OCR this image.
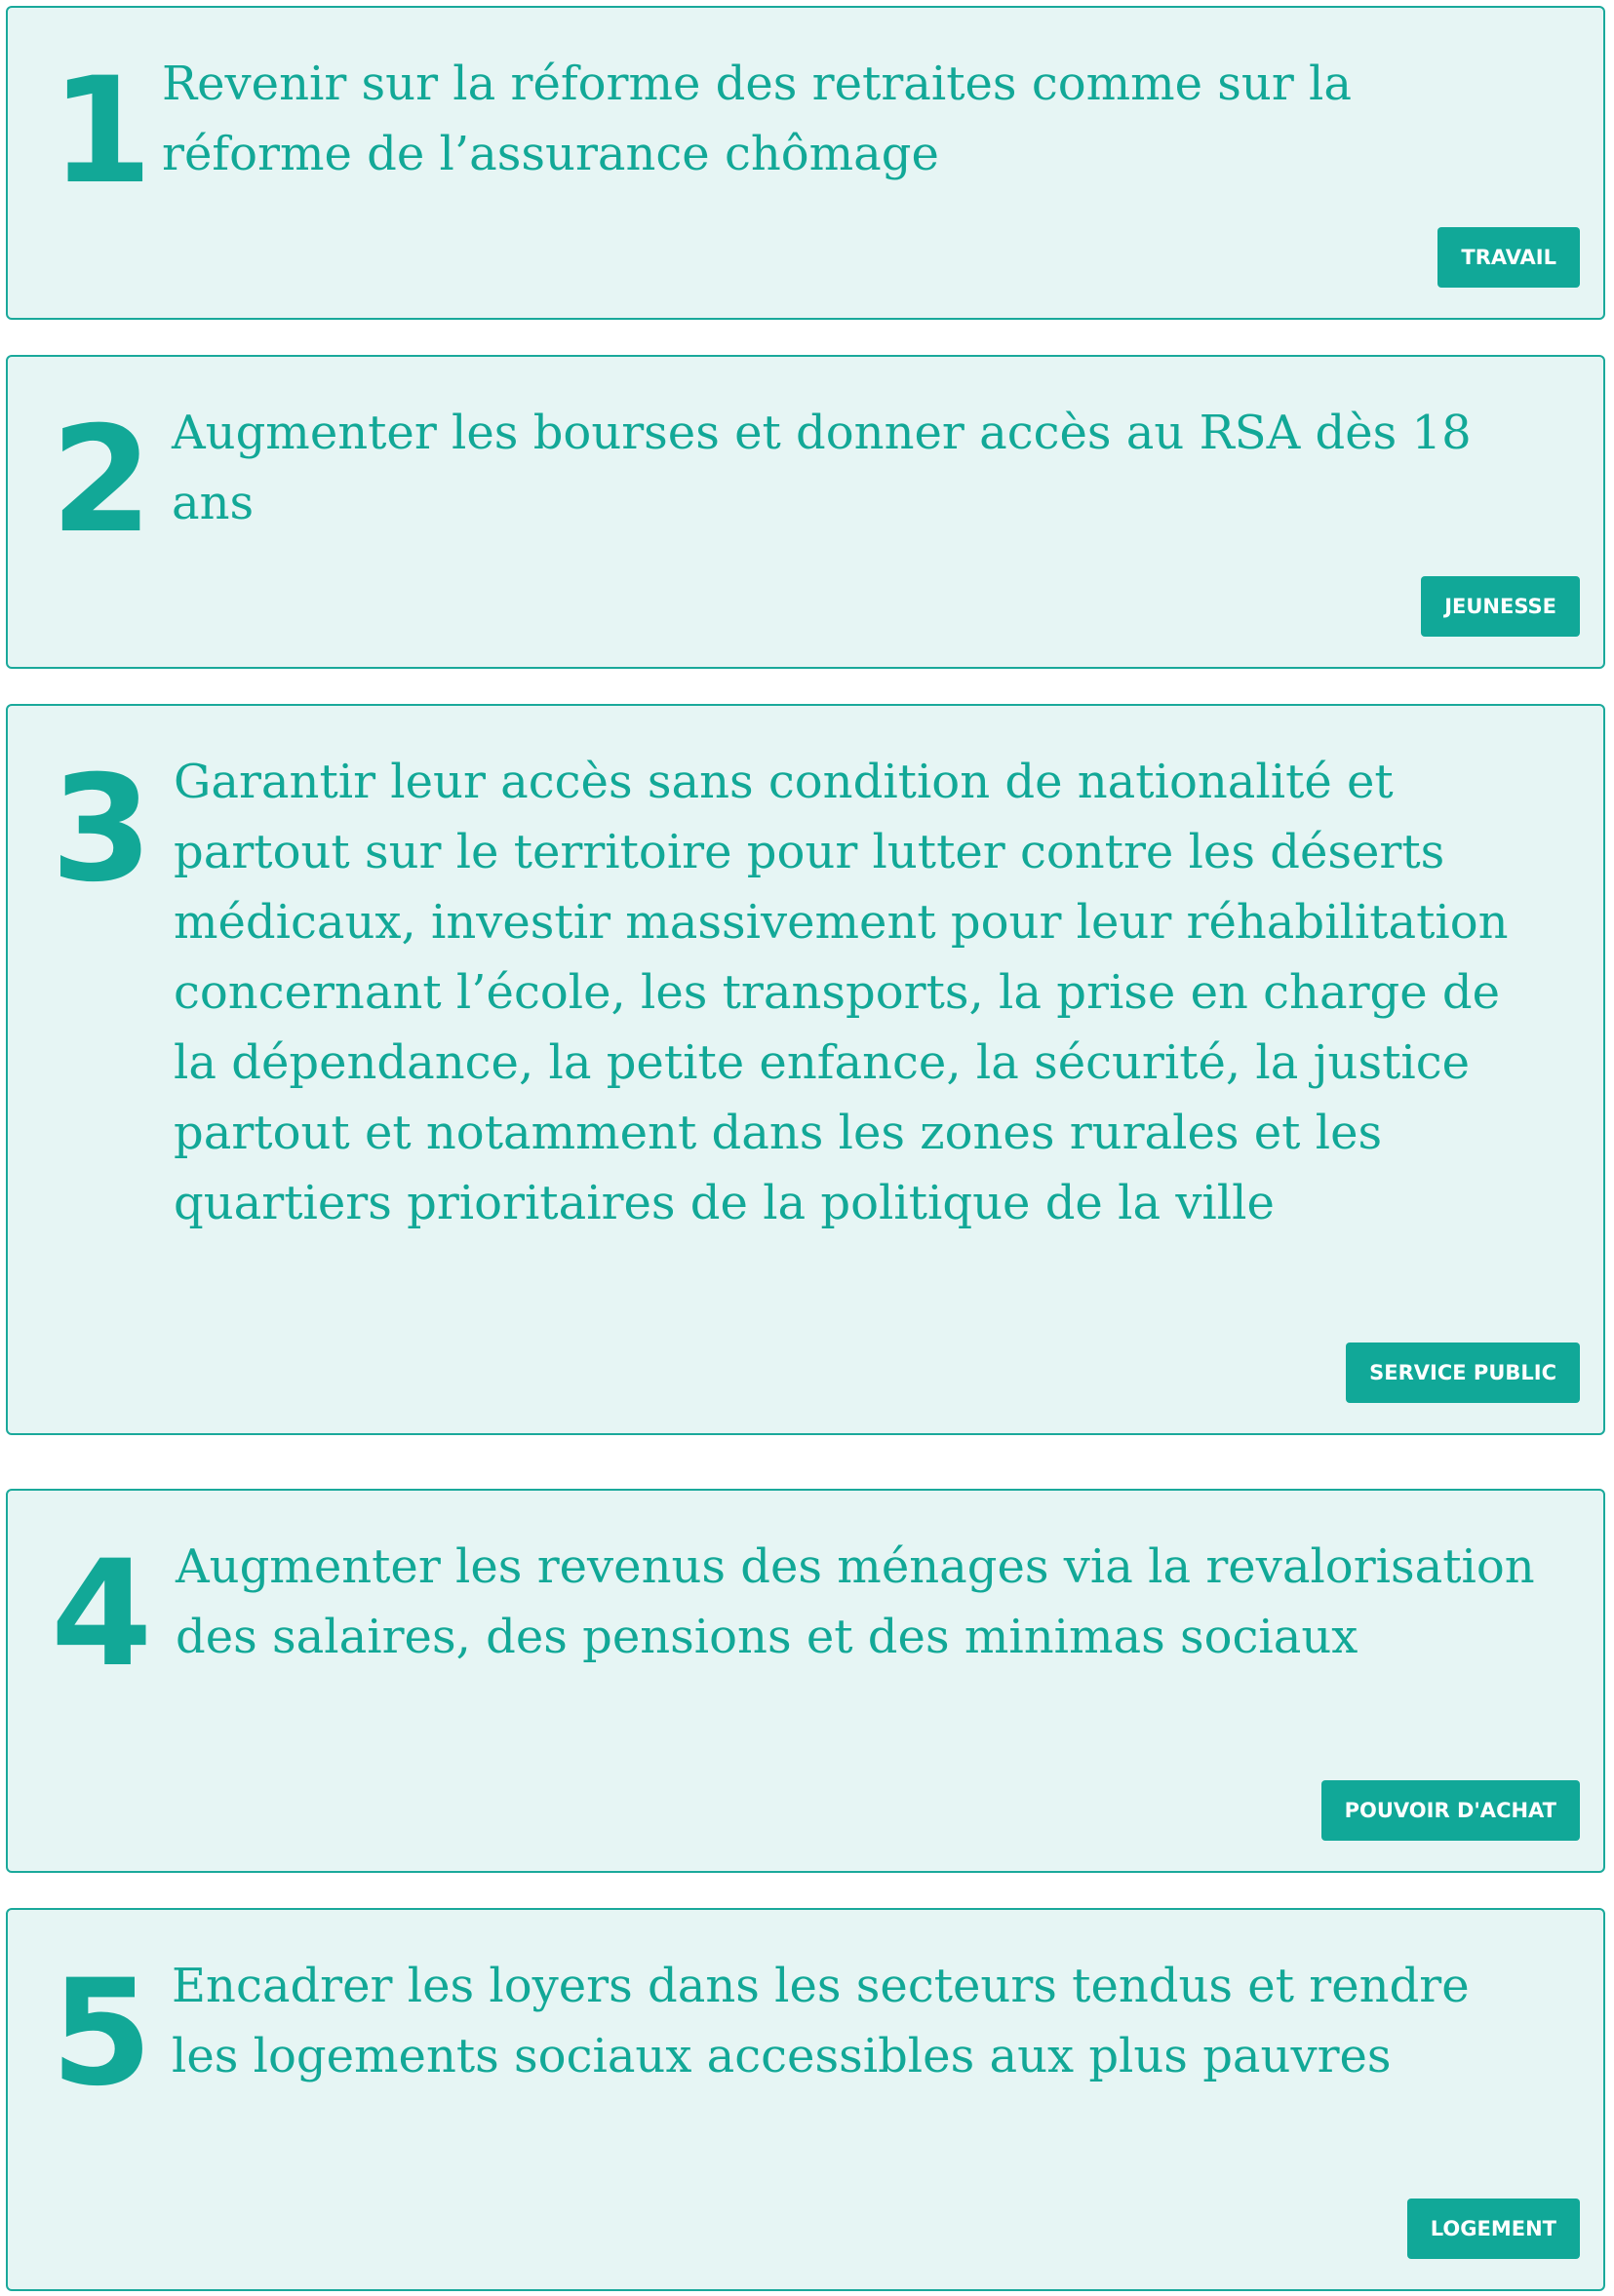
1 Revenir sur la réforme des retraites comme sur la réforme de l’assurance chômage
TRAVAIL
2 Augmenter les bourses et donner accès au RSA dès 18 ans
JEUNESSE
3 Garantir leur accès sans condition de nationalité et partout sur le territoire pour lutter contre les déserts médicaux, investir massivement pour leur réhabilitation concernant l’école, les transports, la prise en charge de la dépendance, la petite enfance, la sécurité, la justice partout et notamment dans les zones rurales et les quartiers prioritaires de la politique de la ville
SERVICE PUBLIC
4 Augmenter les revenus des ménages via la revalorisation des salaires, des pensions et des minimas sociaux
POUVOIR D'ACHAT
5 Encadrer les loyers dans les secteurs tendus et rendre les logements sociaux accessibles aux plus pauvres
LOGEMENT
